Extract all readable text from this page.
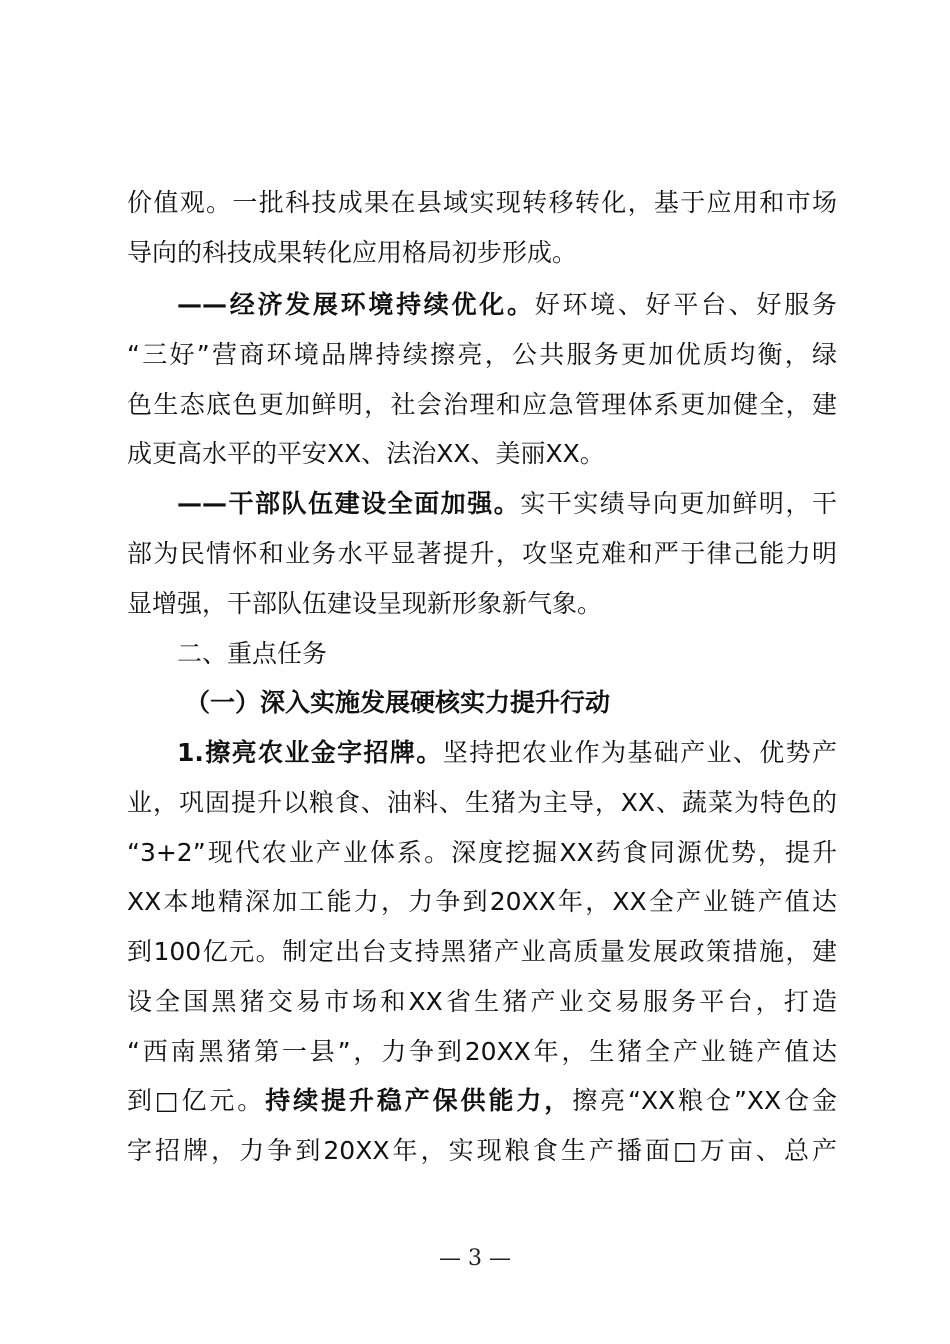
价值观。一批科技成果在县域实现转移转化，基于应用和市场
导向的科技成果转化应用格局初步形成。
——经济发展环境持续优化。好环境、好平台、好服务
“三好”营商环境品牌持续擦亮，公共服务更加优质均衡，绿
色生态底色更加鲜明，社会治理和应急管理体系更加健全，建
成更高水平的平安XX、法治XX、美丽XX。
——干部队伍建设全面加强。实干实绩导向更加鲜明，干
部为民情怀和业务水平显著提升，攻坚克难和严于律己能力明
显增强，干部队伍建设呈现新形象新气象。
二、重点任务
（一）深入实施发展硬核实力提升行动
1.擦亮农业金字招牌。坚持把农业作为基础产业、优势产
业，巩固提升以粮食、油料、生猪为主导，XX、蔬菜为特色的
“3+2”现代农业产业体系。深度挖掘XX药食同源优势，提升
XX本地精深加工能力，力争到20XX年，XX全产业链产值达
到100亿元。制定出台支持黑猪产业高质量发展政策措施，建
设全国黑猪交易市场和XX省生猪产业交易服务平台，打造
“西南黑猪第一县”，力争到20XX年，生猪全产业链产值达
到□亿元。持续提升稳产保供能力，擦亮“XX粮仓”XX仓金
字招牌，力争到20XX年，实现粮食生产播面□万亩、总产
— 3 —
